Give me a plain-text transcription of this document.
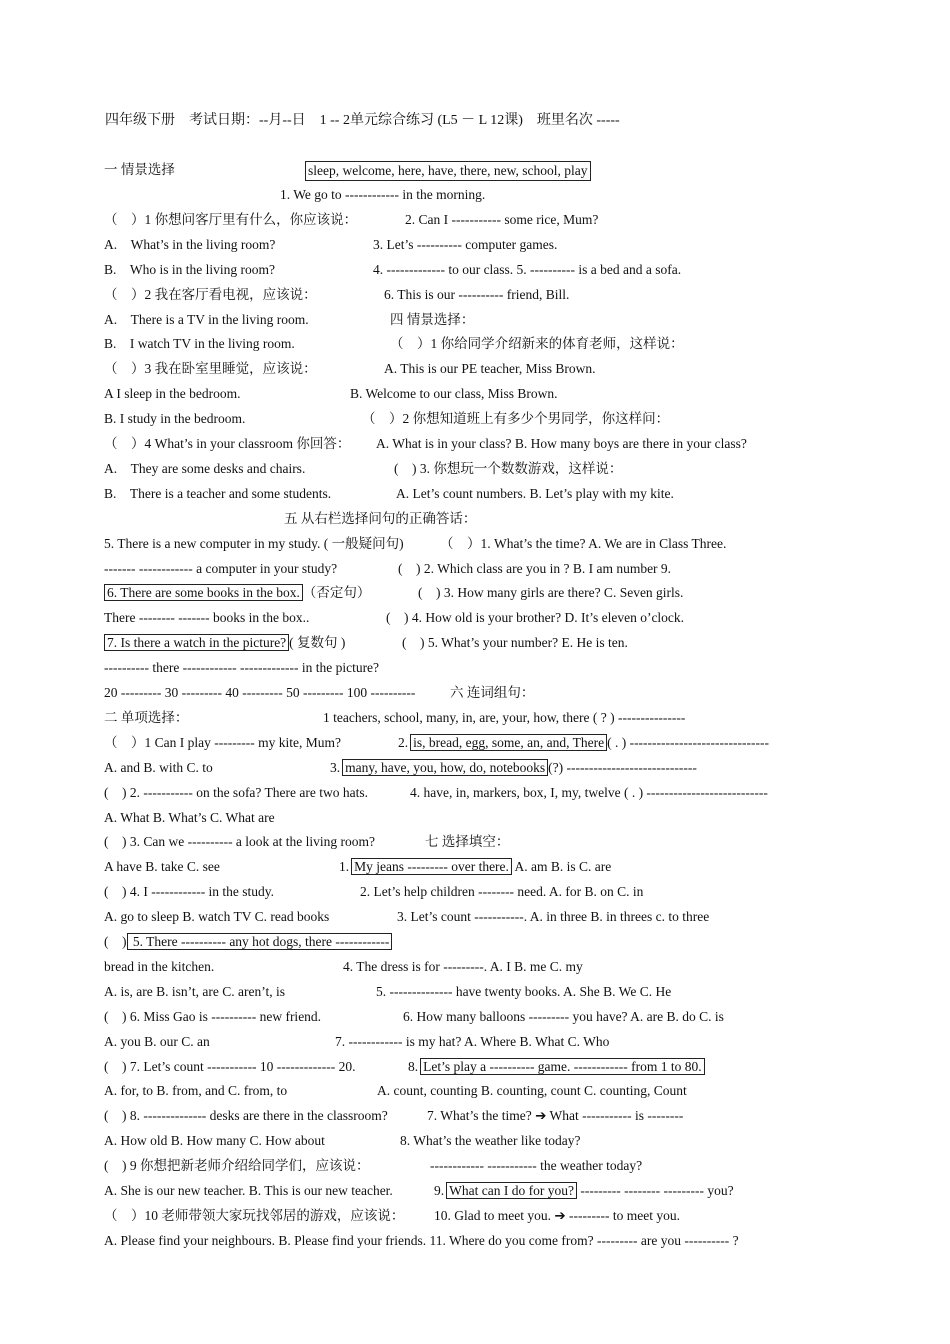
四年级下册　考试日期：--月--日　1 -- 2单元综合练习 (L5 － L 12课)　班里名次 -----
一 情景选择	sleep, welcome, here, have, there, new, school, play
1. We go to ------------ in the morning.
（　）1 你想问客厅里有什么，你应该说：	2. Can I ----------- some rice, Mum?
A.　What’s in the living room?	3. Let’s ---------- computer games.
B.　Who is in the living room?	4. ------------- to our class. 5. ---------- is a bed and a sofa.
（　）2 我在客厅看电视，应该说：	6. This is our ---------- friend, Bill.
A.　There is a TV in the living room.	四 情景选择：
B.　I watch TV in the living room.	（　）1 你给同学介绍新来的体育老师，这样说：
（　）3 我在卧室里睡觉，应该说：	A. This is our PE teacher, Miss Brown.
A I sleep in the bedroom.	B. Welcome to our class, Miss Brown.
B. I study in the bedroom.	（　）2 你想知道班上有多少个男同学，你这样问：
（　）4 What’s in your classroom 你回答： A. What is in your class? B. How many boys are there in your class?
A.　They are some desks and chairs.	(　) 3. 你想玩一个数数游戏，这样说：
B.　There is a teacher and some students.	A. Let’s count numbers. B. Let’s play with my kite.
五 从右栏选择问句的正确答话：
5. There is a new computer in my study. ( 一般疑问句)	（　）1. What’s the time? A. We are in Class Three.
------- ------------ a computer in your study?	(　) 2. Which class are you in ? B. I am number 9.
6. There are some books in the box. （否定句）	(　) 3. How many girls are there? C. Seven girls.
There -------- ------- books in the box..	(　) 4. How old is your brother? D. It’s eleven o’clock.
7. Is there a watch in the picture? ( 复数句 )	(　) 5. What’s your number? E. He is ten.
---------- there ------------ ------------- in the picture?
20 --------- 30 --------- 40 --------- 50 --------- 100 ----------	六 连词组句：
二 单项选择：	1 teachers, school, many, in, are, your, how, there ( ? ) ---------------
（　）1 Can I play --------- my kite, Mum?	2. is, bread, egg, some, an, and, There ( . ) -------------------------------
A. and B. with C. to	3. many, have, you, how, do, notebooks (?) -----------------------------
(　) 2. ----------- on the sofa? There are two hats.	4. have, in, markers, box, I, my, twelve ( . ) ---------------------------
A. What B. What’s C. What are
(　) 3. Can we ---------- a look at the living room?	七 选择填空：
A have B. take C. see	1. My jeans --------- over there. A. am B. is C. are
(　) 4. I ------------ in the study.	2. Let’s help children -------- need. A. for B. on C. in
A. go to sleep B. watch TV C. read books	3. Let’s count -----------. A. in three B. in threes c. to three
(　) 5. There ---------- any hot dogs, there ------------
bread in the kitchen.	4. The dress is for ---------. A. I B. me C. my
A. is, are B. isn’t, are C. aren’t, is	5. -------------- have twenty books. A. She B. We C. He
(　) 6. Miss Gao is ---------- new friend.	6. How many balloons --------- you have? A. are B. do C. is
A. you B. our C. an	7. ------------ is my hat? A. Where B. What C. Who
(　) 7. Let’s count ----------- 10 ------------- 20.	8. Let’s play a ---------- game. ------------ from 1 to 80.
A. for, to B. from, and C. from, to	A. count, counting B. counting, count C. counting, Count
(　) 8. -------------- desks are there in the classroom?	7. What’s the time? ➔ What ----------- is --------
A. How old B. How many C. How about	8. What’s the weather like today?
(　) 9 你想把新老师介绍给同学们，应该说：	------------ ----------- the weather today?
A. She is our new teacher. B. This is our new teacher.	9. What can I do for you? --------- -------- --------- you?
（　）10 老师带领大家玩找邻居的游戏，应该说： 10. Glad to meet you. ➔ --------- to meet you.
A. Please find your neighbours. B. Please find your friends. 11. Where do you come from? --------- are you ---------- ?
